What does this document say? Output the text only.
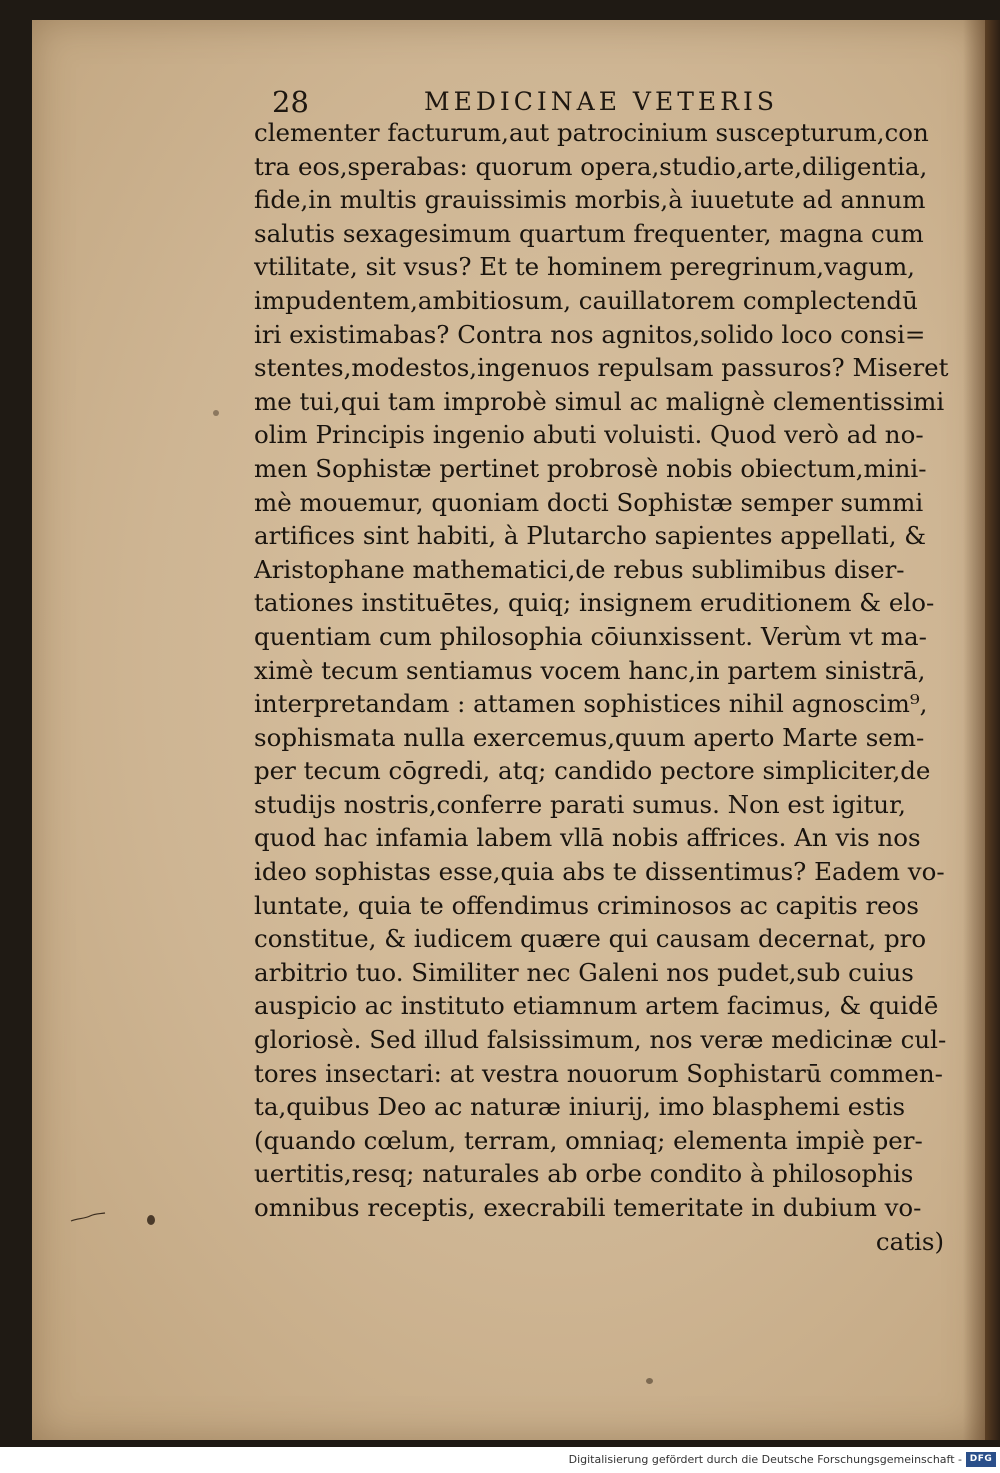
28	MEDICINAE VETERIS
clementer facturum,aut patrocinium suscepturum,con
tra eos,sperabas: quorum opera,studio,arte,diligentia,
fide,in multis grauissimis morbis,à iuuetute ad annum
salutis sexagesimum quartum frequenter, magna cum
vtilitate, sit vsus? Et te hominem peregrinum,vagum,
impudentem,ambitiosum, cauillatorem complectendū
iri existimabas? Contra nos agnitos,solido loco consi=
stentes,modestos,ingenuos repulsam passuros? Miseret
me tui,qui tam improbè simul ac malignè clementissimi
olim Principis ingenio abuti voluisti. Quod verò ad no-
men Sophistæ pertinet probrosè nobis obiectum,mini-
mè mouemur, quoniam docti Sophistæ semper summi
artifices sint habiti, à Plutarcho sapientes appellati, &
Aristophane mathematici,de rebus sublimibus diser-
tationes instituētes, quiq; insignem eruditionem & elo-
quentiam cum philosophia cōiunxissent. Verùm vt ma-
ximè tecum sentiamus vocem hanc,in partem sinistrā,
interpretandam : attamen sophistices nihil agnoscim⁹,
sophismata nulla exercemus,quum aperto Marte sem-
per tecum cōgredi, atq; candido pectore simpliciter,de
studijs nostris,conferre parati sumus. Non est igitur,
quod hac infamia labem vllā nobis affrices. An vis nos
ideo sophistas esse,quia abs te dissentimus? Eadem vo-
luntate, quia te offendimus criminosos ac capitis reos
constitue, & iudicem quære qui causam decernat, pro
arbitrio tuo. Similiter nec Galeni nos pudet,sub cuius
auspicio ac instituto etiamnum artem facimus, & quidē
gloriosè. Sed illud falsissimum, nos veræ medicinæ cul-
tores insectari: at vestra nouorum Sophistarū commen-
ta,quibus Deo ac naturæ iniurij, imo blasphemi estis
(quando cœlum, terram, omniaq; elementa impiè per-
uertitis,resq; naturales ab orbe condito à philosophis
omnibus receptis, execrabili temeritate in dubium vo-
catis)
Digitalisierung gefördert durch die Deutsche Forschungsgemeinschaft - DFG
